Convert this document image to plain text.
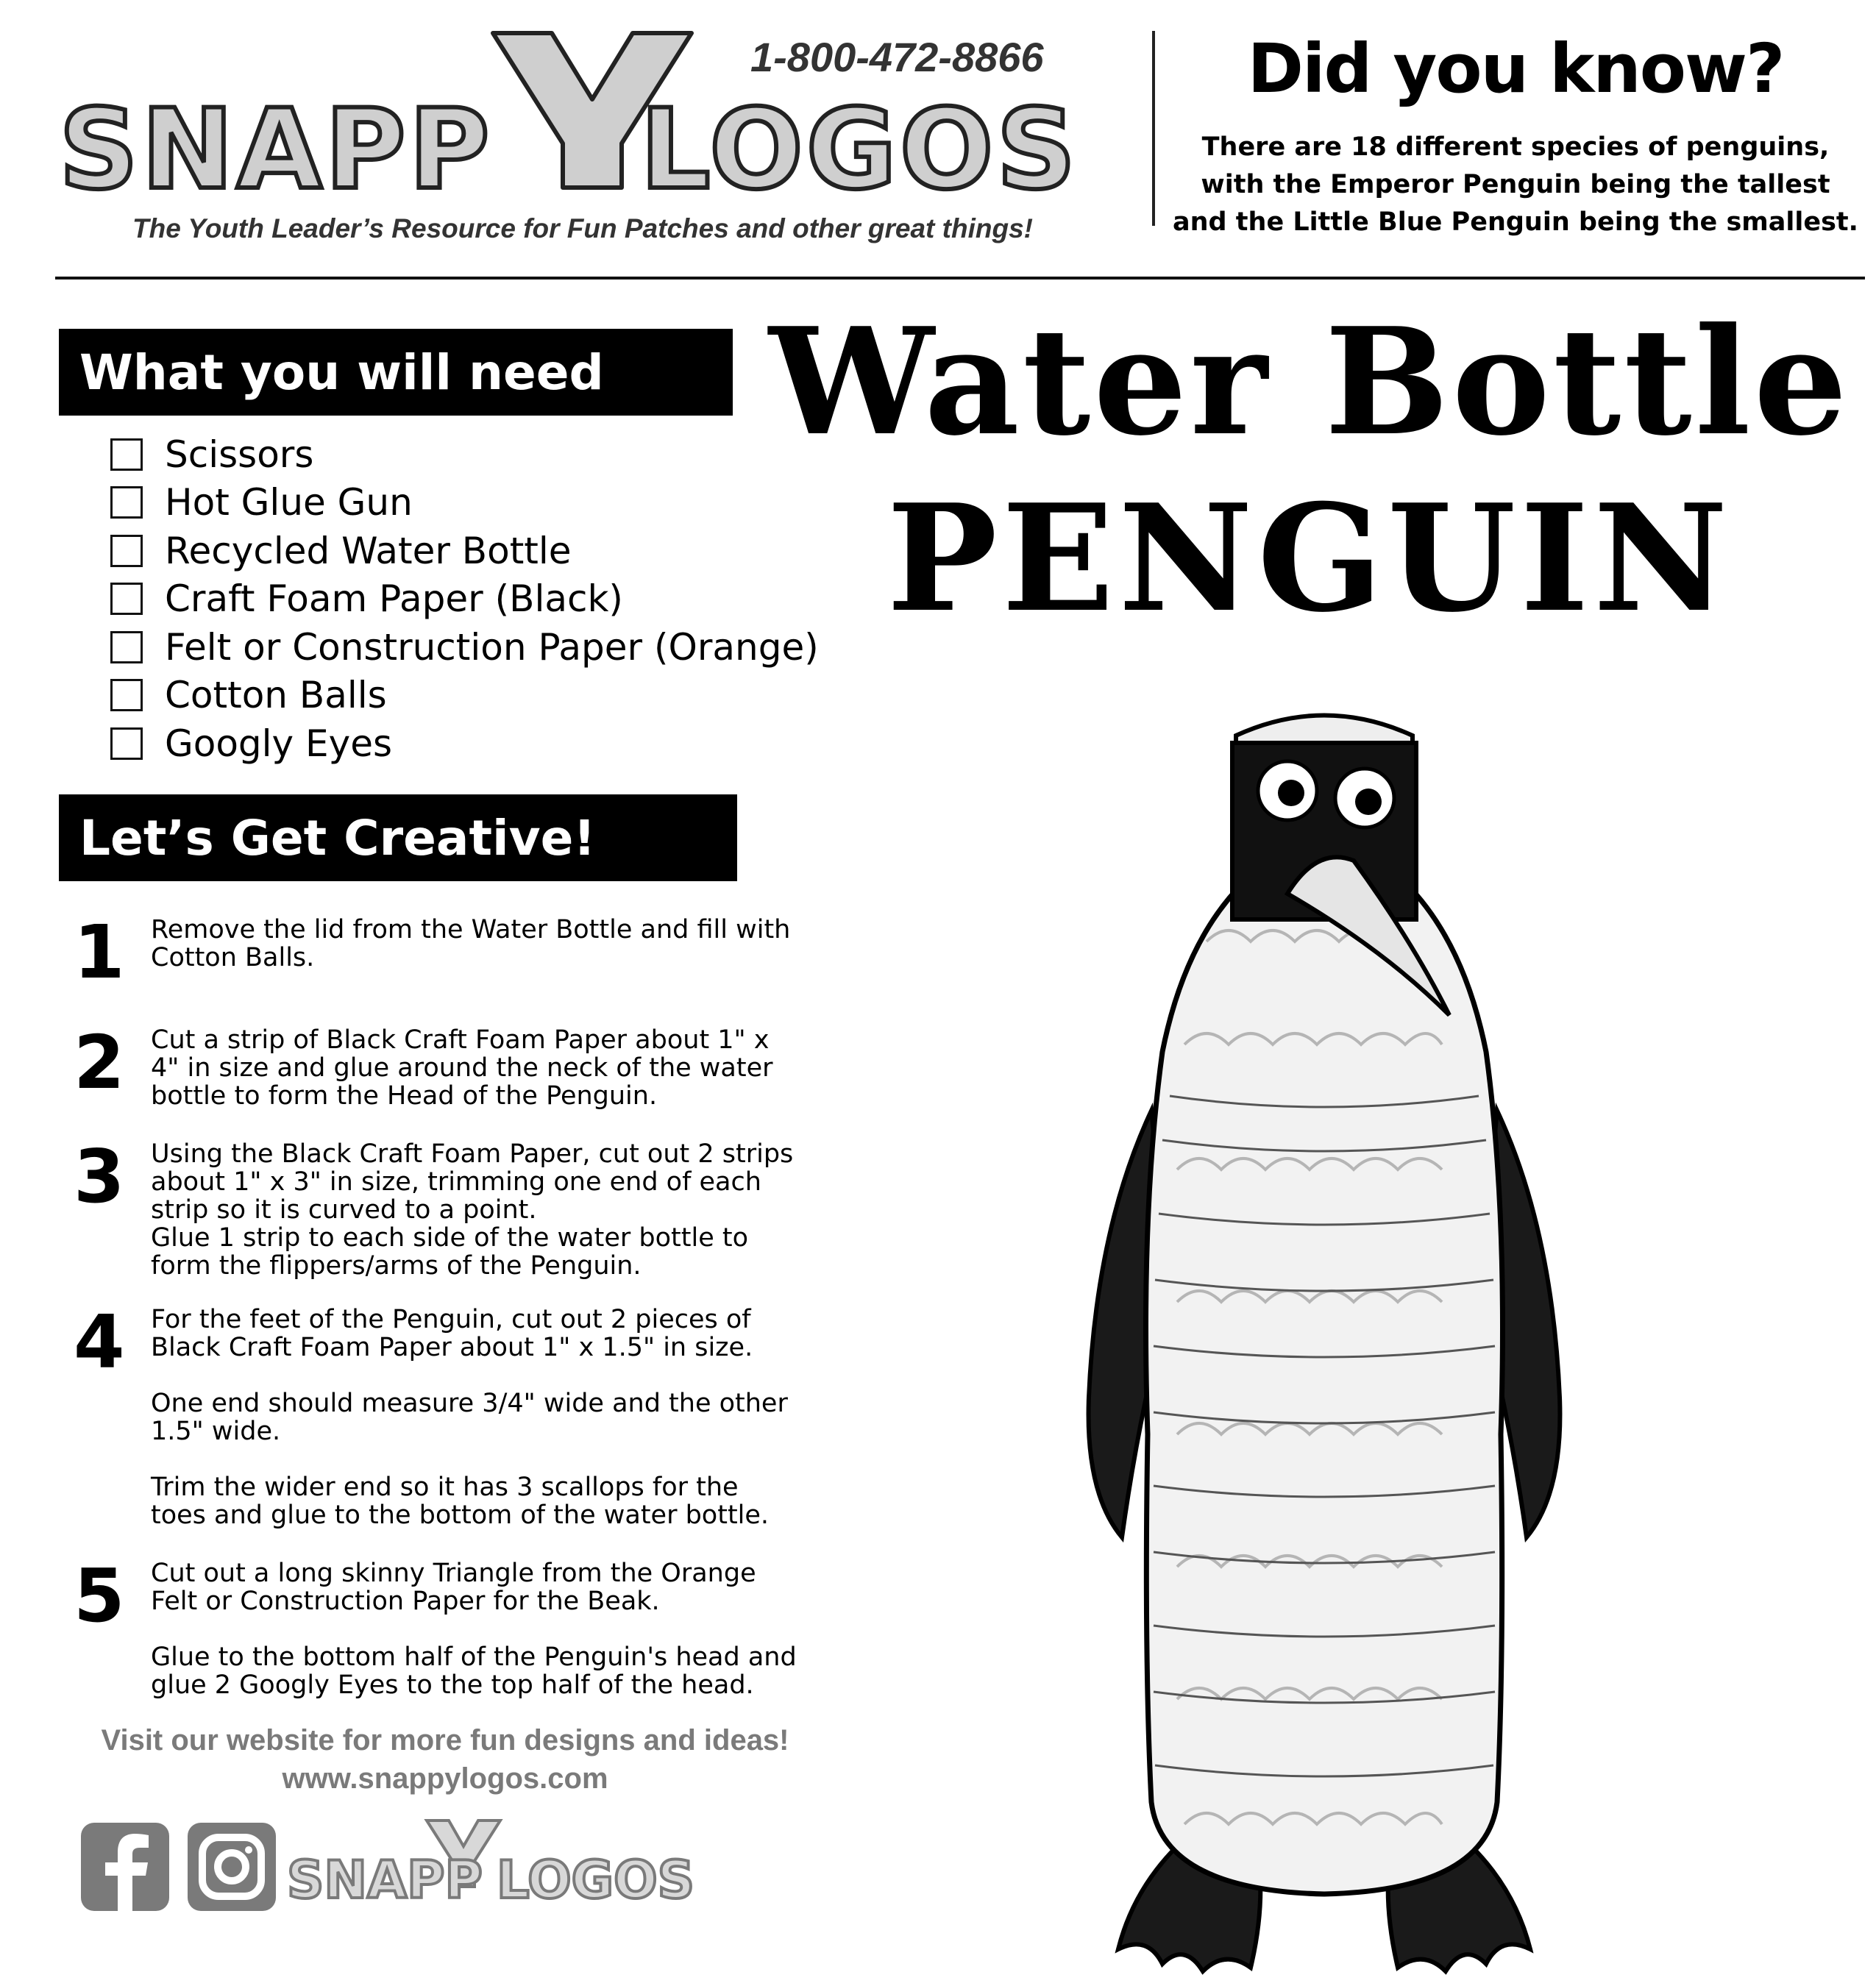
SNAPP LOGOS
1-800-472-8866
The Youth Leader’s Resource for Fun Patches and other great things!
Did you know?
There are 18 different species of penguins,
with the Emperor Penguin being the tallest
and the Little Blue Penguin being the smallest.
What you will need
Scissors
Hot Glue Gun
Recycled Water Bottle
Craft Foam Paper (Black)
Felt or Construction Paper (Orange)
Cotton Balls
Googly Eyes
Let’s Get Creative!
1	Remove the lid from the Water Bottle and fill with Cotton Balls.

2	Cut a strip of Black Craft Foam Paper about 1" x 4" in size and glue around the neck of the water bottle to form the Head of the Penguin.

3	Using the Black Craft Foam Paper, cut out 2 strips about 1" x 3" in size, trimming one end of each strip so it is curved to a point.

Glue 1 strip to each side of the water bottle to form the flippers/arms of the Penguin.

4	For the feet of the Penguin, cut out 2 pieces of Black Craft Foam Paper about 1" x 1.5" in size.

One end should measure 3/4" wide and the other 1.5" wide.

Trim the wider end so it has 3 scallops for the toes and glue to the bottom of the water bottle.

5	Cut out a long skinny Triangle from the Orange Felt or Construction Paper for the Beak.

Glue to the bottom half of the Penguin's head and glue 2 Googly Eyes to the top half of the head.

Visit our website for more fun designs and ideas!
www.snappylogos.com
SNAPP LOGOS
Water Bottle
PENGUIN
